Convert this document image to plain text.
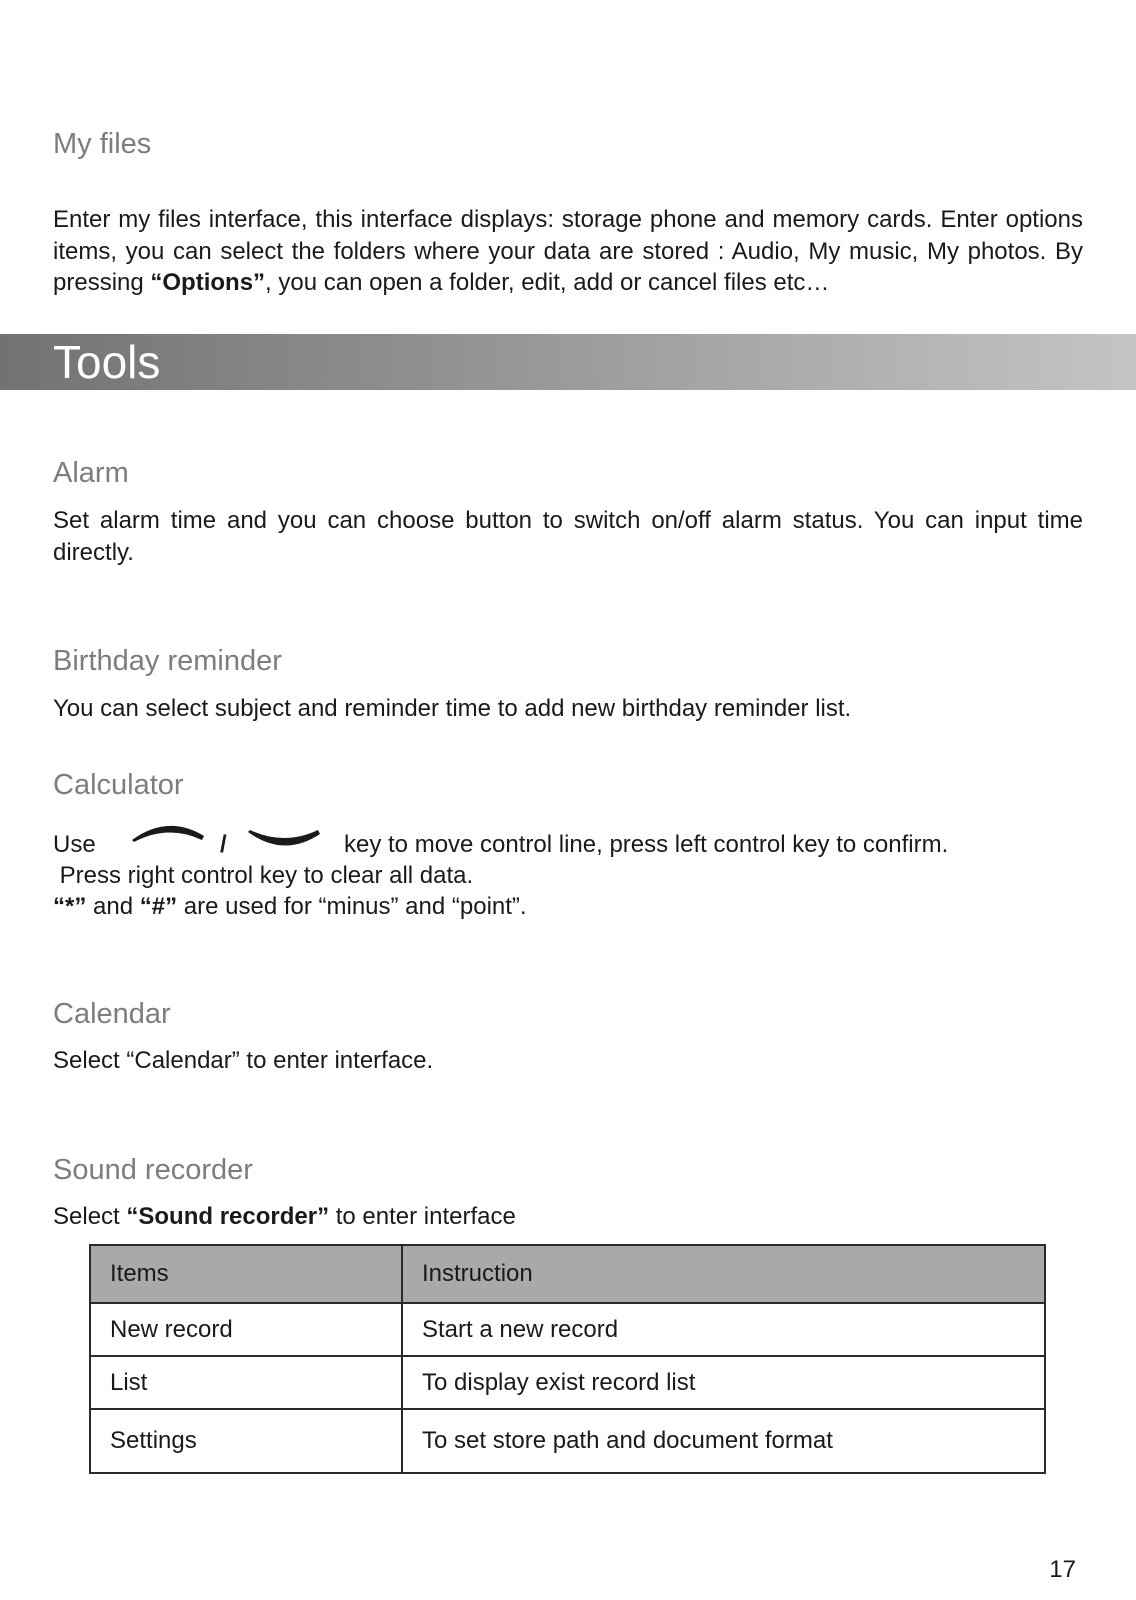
My files
Enter my files interface, this interface displays: storage phone and memory cards. Enter options items, you can select the folders where your data are stored : Audio, My music, My photos. By pressing “Options”, you can open a folder, edit, add or cancel files etc…
Tools
Alarm
Set alarm time and you can choose button to switch on/off alarm status. You can input time directly.
Birthday reminder
You can select subject and reminder time to add new birthday reminder list.
Calculator
Use	/	key to move control line, press left control key to confirm.
Press right control key to clear all data.
“*” and “#” are used for “minus” and “point”.
Calendar
Select “Calendar” to enter interface.
Sound recorder
Select “Sound recorder” to enter interface
Items	Instruction
New record	Start a new record
List	To display exist record list
Settings	To set store path and document format
17
